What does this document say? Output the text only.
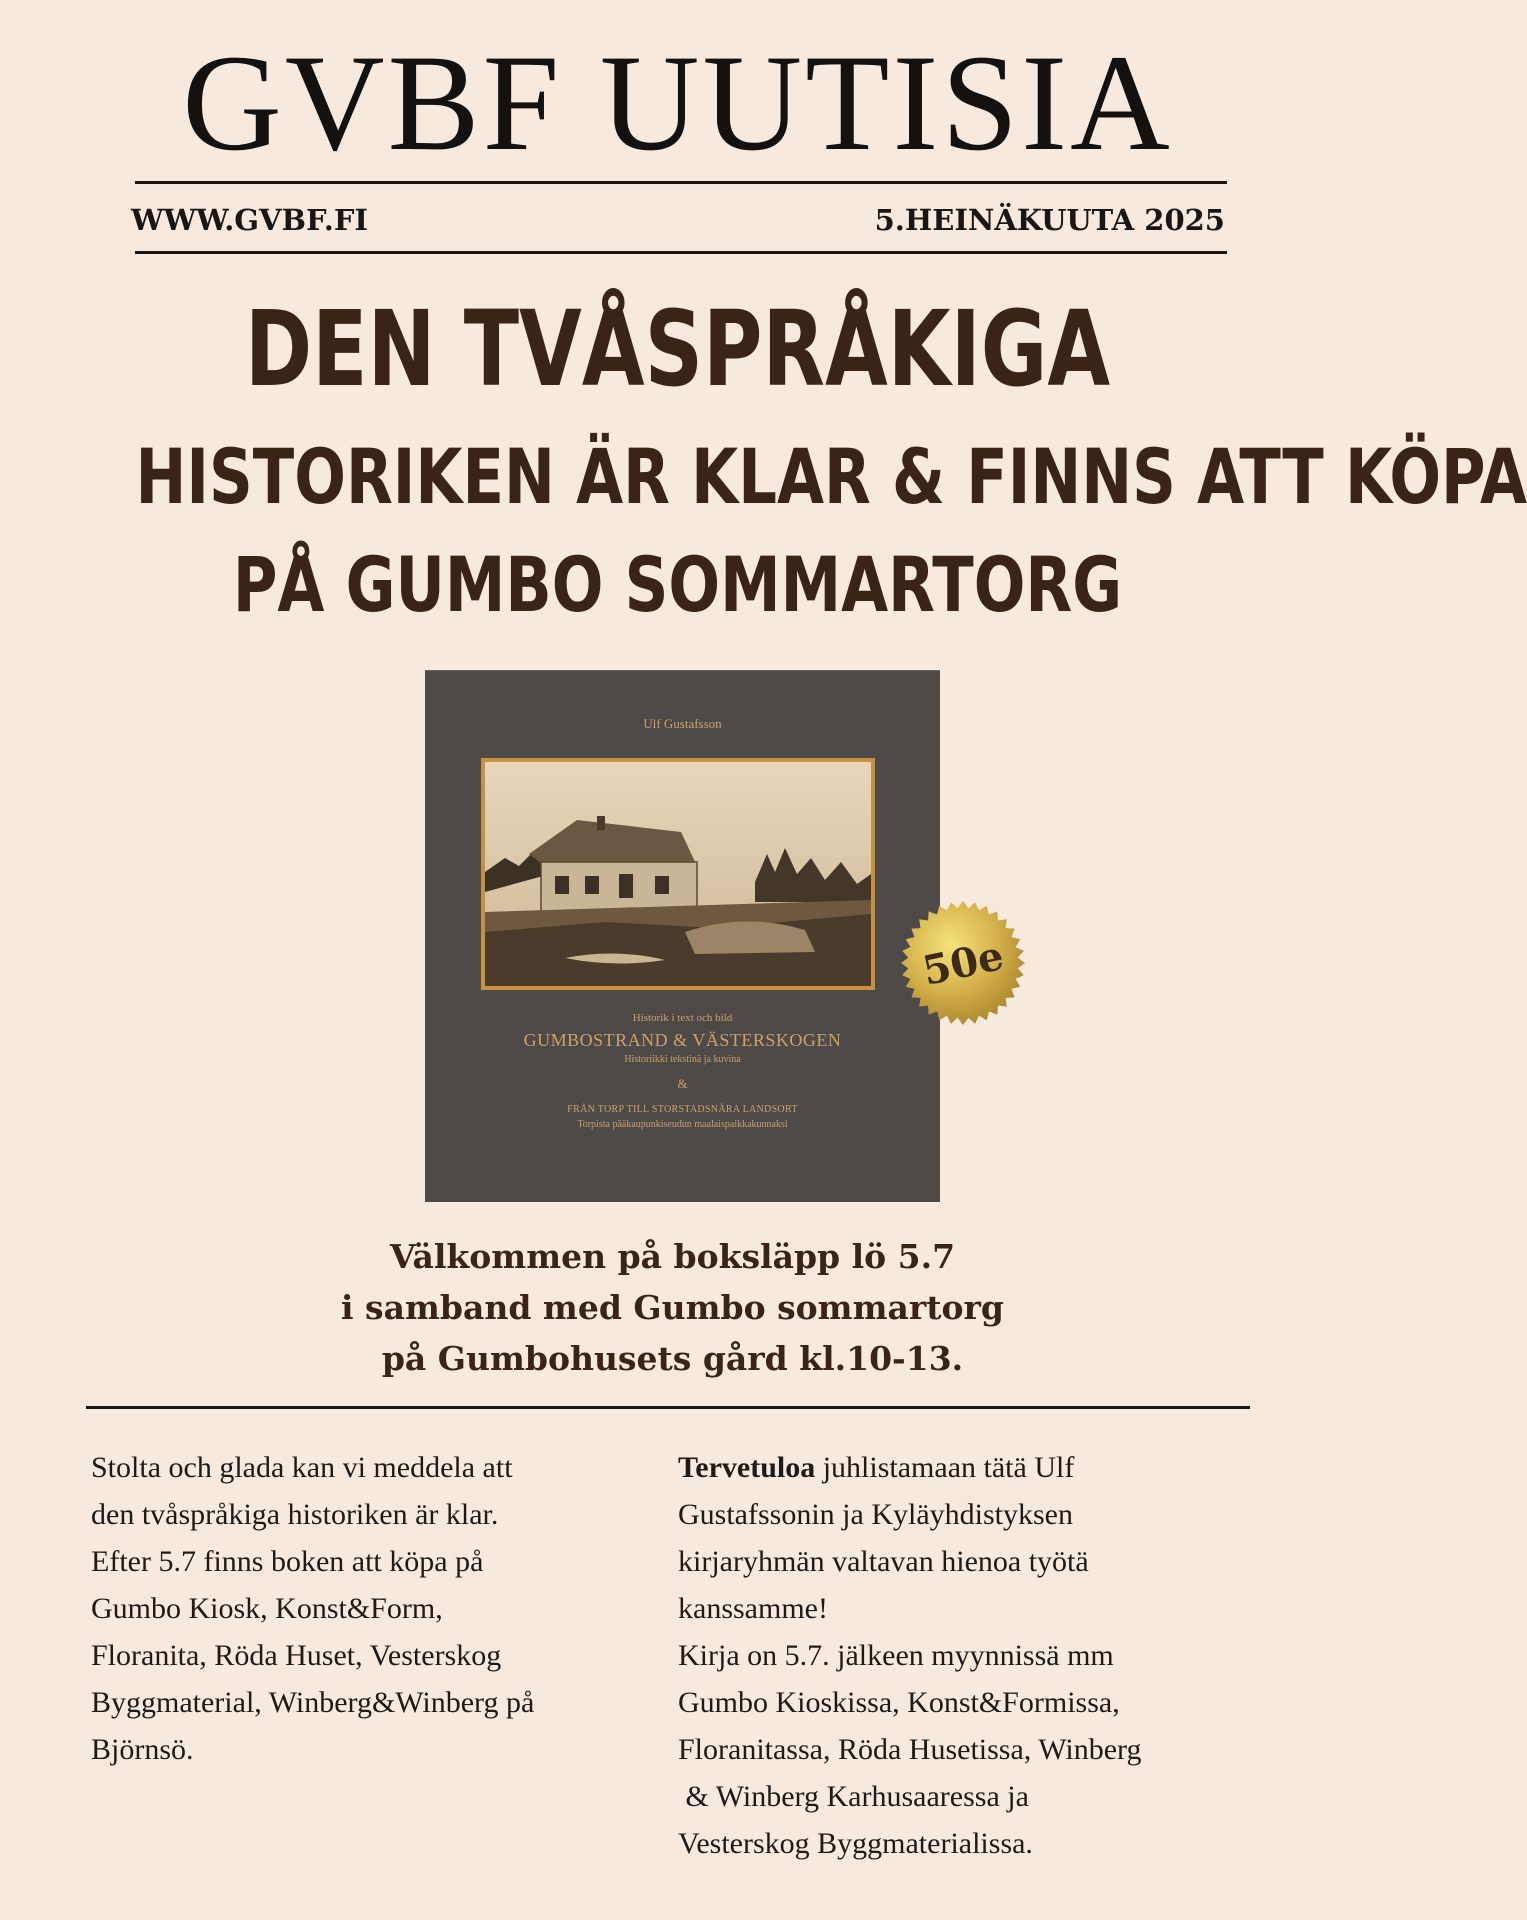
GVBF UUTISIA
WWW.GVBF.FI	5.HEINÄKUUTA 2025
DEN TVÅSPRÅKIGA
HISTORIKEN ÄR KLAR & FINNS ATT KÖPA
PÅ GUMBO SOMMARTORG
Ulf Gustafsson
Historik i text och bild
GUMBOSTRAND & VÄSTERSKOGEN
Historiikki tekstinä ja kuvina
&
FRÅN TORP TILL STORSTADSNÄRA LANDSORT
Torpista pääkaupunkiseudun maalaispaikkakunnaksi
50e
Välkommen på boksläpp lö 5.7
i samband med Gumbo sommartorg
på Gumbohusets gård kl.10-13.

Stolta och glada kan vi meddela att

den tvåspråkiga historiken är klar.

Efter 5.7 finns boken att köpa på

Gumbo Kiosk, Konst&Form,

Floranita, Röda Huset, Vesterskog

Byggmaterial, Winberg&Winberg på

Björnsö.

Tervetuloa juhlistamaan tätä Ulf

Gustafssonin ja Kyläyhdistyksen

kirjaryhmän valtavan hienoa työtä

kanssamme!

Kirja on 5.7. jälkeen myynnissä mm

Gumbo Kioskissa, Konst&Formissa,

Floranitassa, Röda Husetissa, Winberg

& Winberg Karhusaaressa ja

Vesterskog Byggmaterialissa.
